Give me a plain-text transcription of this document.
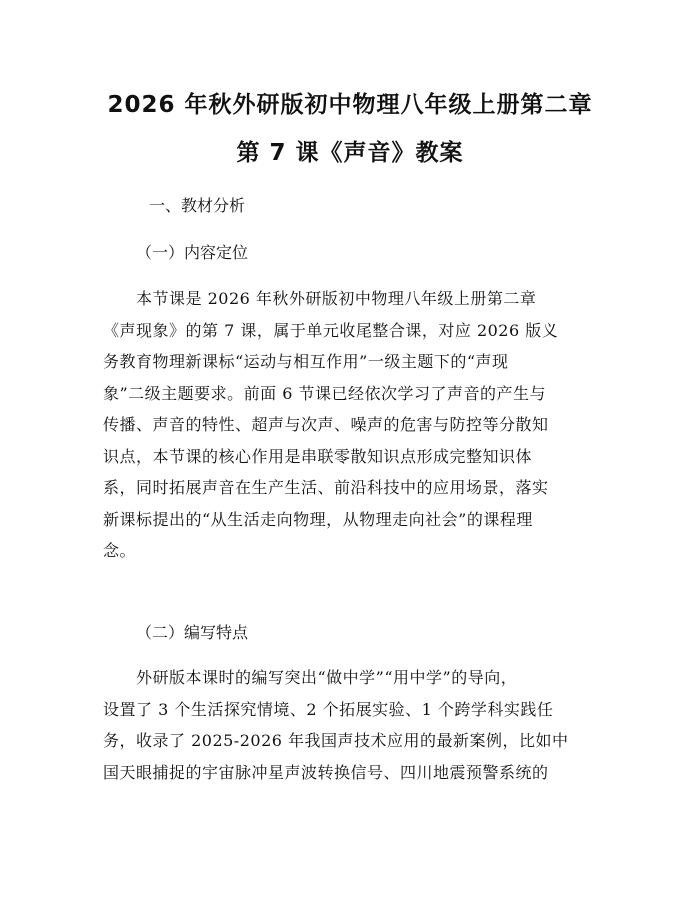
2026 年秋外研版初中物理八年级上册第二章
第 7 课《声音》教案
一、教材分析
（一）内容定位
　　本节课是 2026 年秋外研版初中物理八年级上册第二章
《声现象》的第 7 课，属于单元收尾整合课，对应 2026 版义
务教育物理新课标“运动与相互作用”一级主题下的“声现
象”二级主题要求。前面 6 节课已经依次学习了声音的产生与
传播、声音的特性、超声与次声、噪声的危害与防控等分散知
识点，本节课的核心作用是串联零散知识点形成完整知识体
系，同时拓展声音在生产生活、前沿科技中的应用场景，落实
新课标提出的“从生活走向物理，从物理走向社会”的课程理
念。
（二）编写特点
　　外研版本课时的编写突出“做中学”“用中学”的导向，
设置了 3 个生活探究情境、2 个拓展实验、1 个跨学科实践任
务，收录了 2025-2026 年我国声技术应用的最新案例，比如中
国天眼捕捉的宇宙脉冲星声波转换信号、四川地震预警系统的
